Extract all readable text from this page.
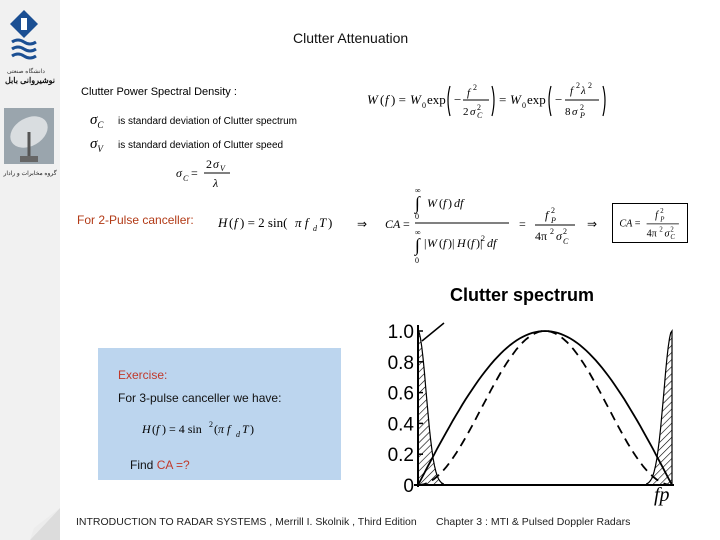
دانشگاه صنعتی
نوشیروانی بابل
گروه مخابرات و رادار
Clutter Attenuation
Clutter Power Spectral Density :	W ( f ) = W 0 exp − f 2
2 σ 2
C
= W 0 exp −
f 2 λ 2
8 σ 2
P
$\sigma_C$	is standard deviation of Clutter spectrum
$\sigma_V$	is standard deviation of Clutter speed
σ C =
2 σ V
λ
For 2-Pulse canceller: H ( f ) = 2 sin( π f d T ) ⇒ CA =
∞
∫
0
W ( f ) df
∞
∫
0
| W ( f )| H ( f )|
2 df
=
f 2
P
4π 2 σ 2
C
⇒ CA =
f 2
P
4π 2 σ 2
C
0
0.2
0.4
0.6
0.8
1.0
Clutter spectrum
fp
Exercise:
For 3-pulse canceller we have:
H ( f ) = 4 sin 2 ( π f d T )
Find CA =?
INTRODUCTION TO RADAR SYSTEMS , Merrill I. Skolnik , Third Edition Chapter 3 : MTI & Pulsed Doppler Radars
